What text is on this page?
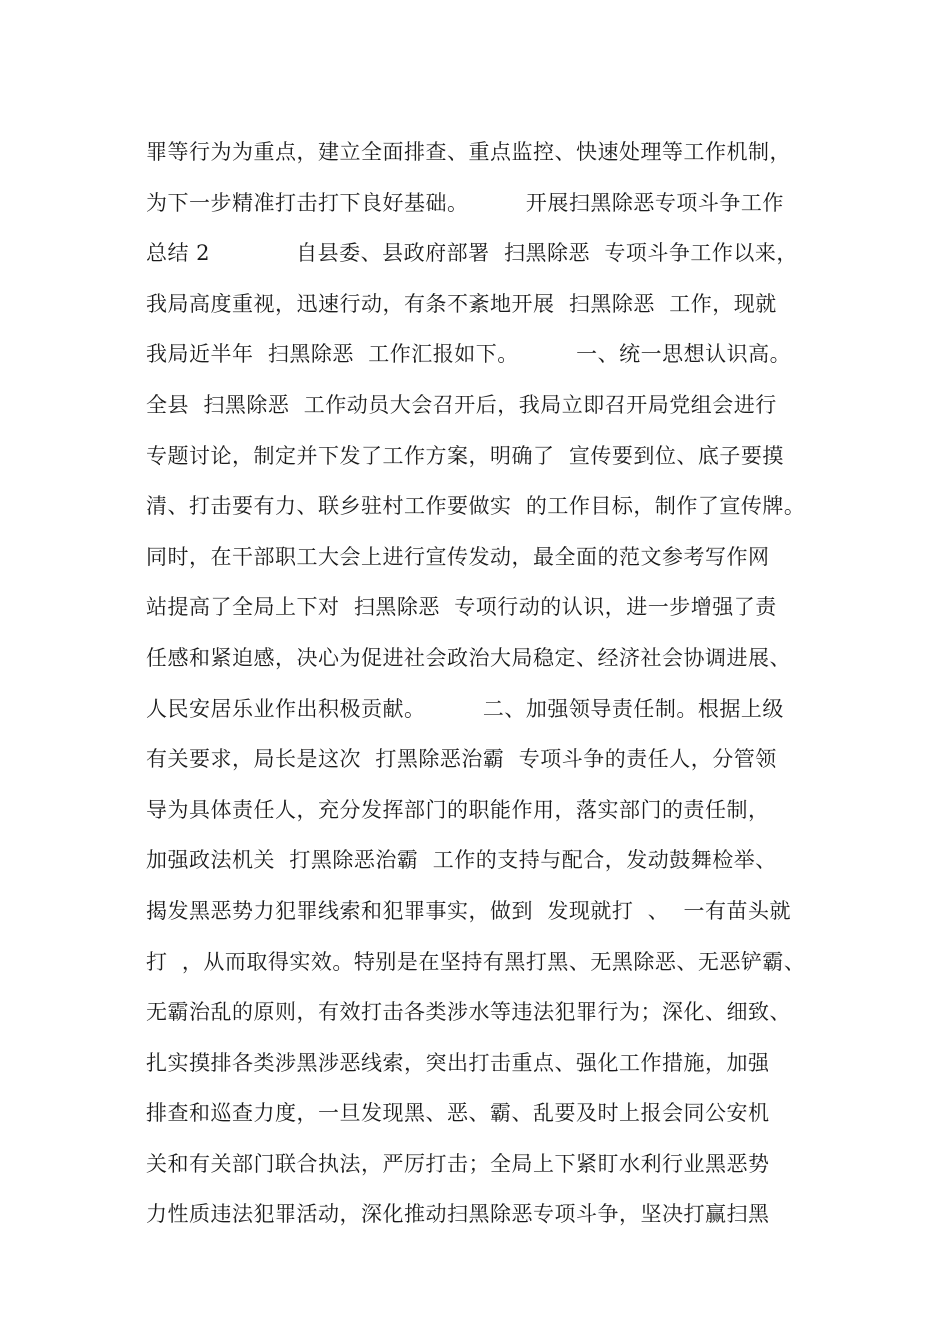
罪等行为为重点，建立全面排查、重点监控、快速处理等工作机制，
为下一步精准打击打下良好基础。        开展扫黑除恶专项斗争工作
总结 2            自县委、县政府部署  扫黑除恶  专项斗争工作以来，
我局高度重视，迅速行动，有条不紊地开展  扫黑除恶  工作，现就
我局近半年  扫黑除恶  工作汇报如下。        一、统一思想认识高。
全县  扫黑除恶  工作动员大会召开后，我局立即召开局党组会进行
专题讨论，制定并下发了工作方案，明确了  宣传要到位、底子要摸
清、打击要有力、联乡驻村工作要做实  的工作目标，制作了宣传牌。
同时，在干部职工大会上进行宣传发动，最全面的范文参考写作网
站提高了全局上下对  扫黑除恶  专项行动的认识，进一步增强了责
任感和紧迫感，决心为促进社会政治大局稳定、经济社会协调进展、
人民安居乐业作出积极贡献。        二、加强领导责任制。根据上级
有关要求，局长是这次  打黑除恶治霸  专项斗争的责任人，分管领
导为具体责任人，充分发挥部门的职能作用，落实部门的责任制，
加强政法机关  打黑除恶治霸  工作的支持与配合，发动鼓舞检举、
揭发黑恶势力犯罪线索和犯罪事实，做到  发现就打  、  一有苗头就
打  ，从而取得实效。特别是在坚持有黑打黑、无黑除恶、无恶铲霸、
无霸治乱的原则，有效打击各类涉水等违法犯罪行为；深化、细致、
扎实摸排各类涉黑涉恶线索，突出打击重点、强化工作措施，加强
排查和巡查力度，一旦发现黑、恶、霸、乱要及时上报会同公安机
关和有关部门联合执法，严厉打击；全局上下紧盯水利行业黑恶势
力性质违法犯罪活动，深化推动扫黑除恶专项斗争，坚决打赢扫黑
